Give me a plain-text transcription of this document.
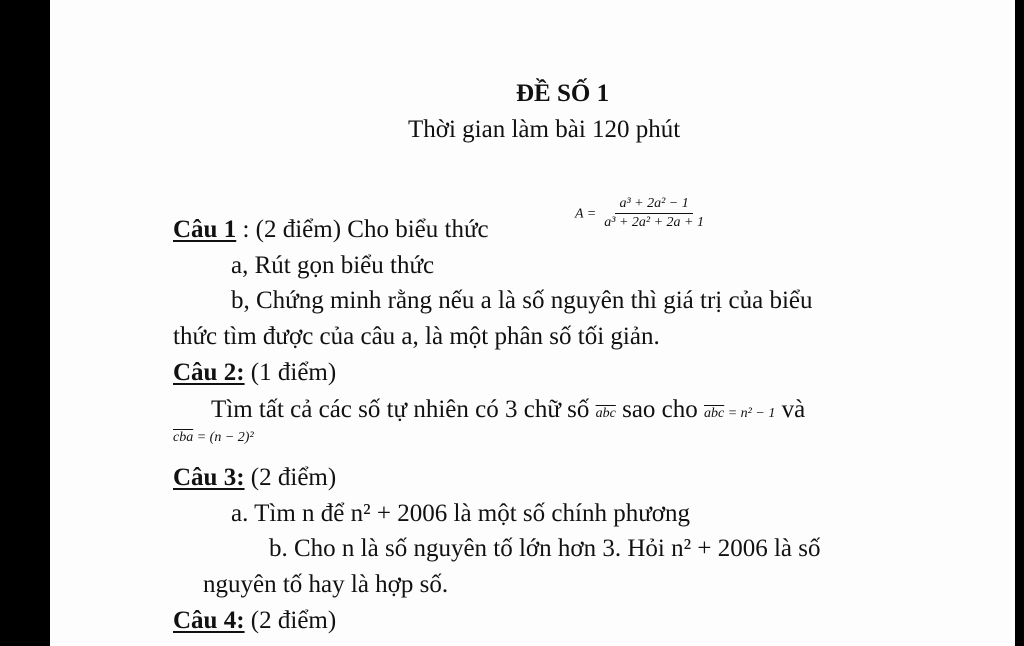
ĐỀ SỐ 1
Thời gian làm bài 120 phút
Câu 1 : (2 điểm) Cho biểu thức
$A = \frac{\text{a³ + 2a² − 1}}{\text{a³ + 2a² + 2a + 1}}$
a, Rút gọn biểu thức
b, Chứng minh rằng nếu a là số nguyên thì giá trị của biểu
thức tìm được của câu a, là một phân số tối giản.
Câu 2: (1 điểm)
Tìm tất cả các số tự nhiên có 3 chữ số $\overline{abc}$ sao cho $\overline{abc} = n^2 - 1$ và
$\overline{cba} = (n - 2)^2$
Câu 3: (2 điểm)
a. Tìm n để n² + 2006 là một số chính phương
b. Cho n là số nguyên tố lớn hơn 3. Hỏi n² + 2006 là số
nguyên tố hay là hợp số.
Câu 4: (2 điểm)
